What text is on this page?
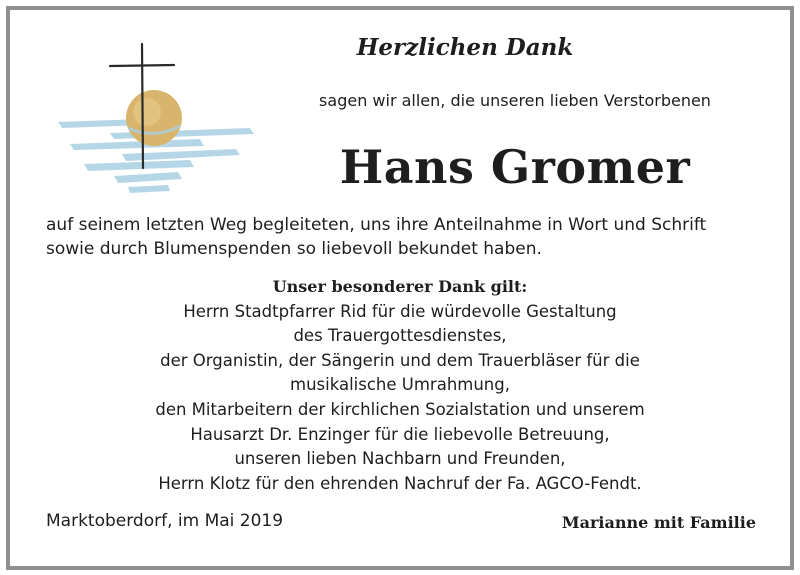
Herzlichen Dank
sagen wir allen, die unseren lieben Verstorbenen
Hans Gromer
auf seinem letzten Weg begleiteten, uns ihre Anteilnahme in Wort und Schrift
sowie durch Blumenspenden so liebevoll bekundet haben.
Unser besonderer Dank gilt:
Herrn Stadtpfarrer Rid für die würdevolle Gestaltung
des Trauergottesdienstes,
der Organistin, der Sängerin und dem Trauerbläser für die
musikalische Umrahmung,
den Mitarbeitern der kirchlichen Sozialstation und unserem
Hausarzt Dr. Enzinger für die liebevolle Betreuung,
unseren lieben Nachbarn und Freunden,
Herrn Klotz für den ehrenden Nachruf der Fa. AGCO-Fendt.
Marktoberdorf, im Mai 2019	Marianne mit Familie
